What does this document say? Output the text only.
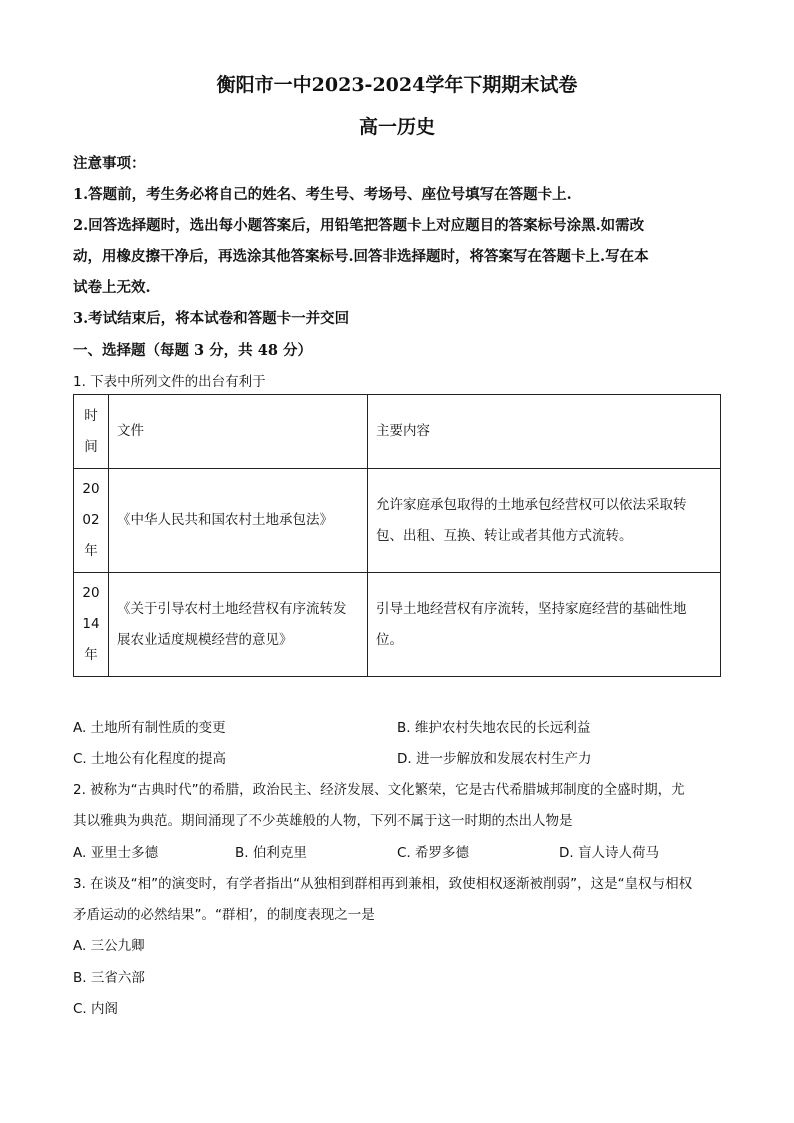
衡阳市一中2023-2024学年下期期末试卷
高一历史
注意事项：
1.答题前，考生务必将自己的姓名、考生号、考场号、座位号填写在答题卡上.
2.回答选择题时，选出每小题答案后，用铅笔把答题卡上对应题目的答案标号涂黑.如需改
动，用橡皮擦干净后，再选涂其他答案标号.回答非选择题时，将答案写在答题卡上.写在本
试卷上无效.
3.考试结束后，将本试卷和答题卡一并交回
一、选择题（每题 3 分，共 48 分）
1. 下表中所列文件的出台有利于
时间	文件	主要内容
2002年	《中华人民共和国农村土地承包法》	允许家庭承包取得的土地承包经营权可以依法采取转包、出租、互换、转让或者其他方式流转。
2014年	《关于引导农村土地经营权有序流转发展农业适度规模经营的意见》	引导土地经营权有序流转，坚持家庭经营的基础性地位。
A. 土地所有制性质的变更	B. 维护农村失地农民的长远利益
C. 土地公有化程度的提高	D. 进一步解放和发展农村生产力
2. 被称为“古典时代”的希腊，政治民主、经济发展、文化繁荣，它是古代希腊城邦制度的全盛时期，尤
其以雅典为典范。期间涌现了不少英雄般的人物，下列不属于这一时期的杰出人物是
A. 亚里士多德	B. 伯利克里	C. 希罗多德	D. 盲人诗人荷马
3. 在谈及“相”的演变时，有学者指出“从独相到群相再到兼相，致使相权逐渐被削弱”，这是“皇权与相权
矛盾运动的必然结果”。“群相’，的制度表现之一是
A. 三公九卿
B. 三省六部
C. 内阁
